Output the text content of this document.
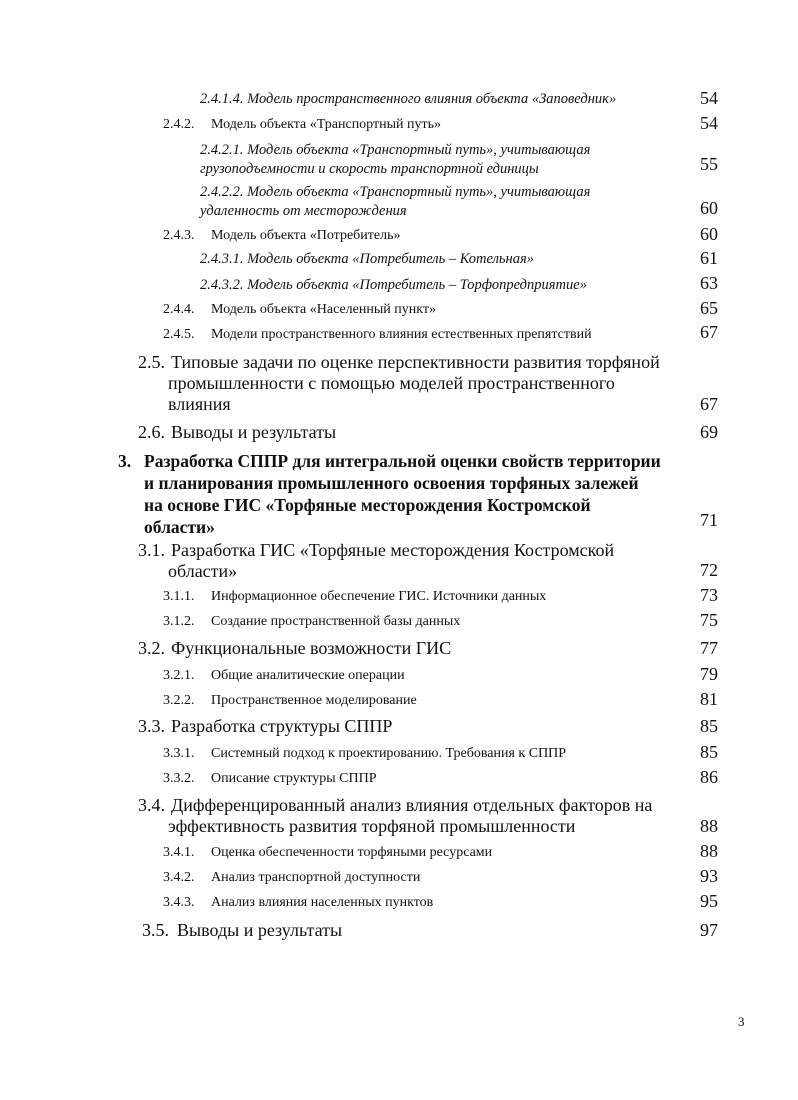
2.4.1.4. Модель пространственного влияния объекта «Заповедник»	54
2.4.2. Модель объекта «Транспортный путь»	54
2.4.2.1. Модель объекта «Транспортный путь», учитывающая
грузоподъемности и скорость транспортной единицы	55
2.4.2.2. Модель объекта «Транспортный путь», учитывающая
удаленность от месторождения	60
2.4.3. Модель объекта «Потребитель»	60
2.4.3.1. Модель объекта «Потребитель – Котельная»	61
2.4.3.2. Модель объекта «Потребитель – Торфопредприятие»	63
2.4.4. Модель объекта «Населенный пункт»	65
2.4.5. Модели пространственного влияния естественных препятствий	67
2.5. Типовые задачи по оценке перспективности развития торфяной
промышленности с помощью моделей пространственного
влияния	67
2.6. Выводы и результаты	69
3. Разработка СППР для интегральной оценки свойств территории
и планирования промышленного освоения торфяных залежей
на основе ГИС «Торфяные месторождения Костромской
области»	71
3.1. Разработка ГИС «Торфяные месторождения Костромской
области»	72
3.1.1. Информационное обеспечение ГИС. Источники данных	73
3.1.2. Создание пространственной базы данных	75
3.2. Функциональные возможности ГИС	77
3.2.1. Общие аналитические операции	79
3.2.2. Пространственное моделирование	81
3.3. Разработка структуры СППР	85
3.3.1. Системный подход к проектированию. Требования к СППР	85
3.3.2. Описание структуры СППР	86
3.4. Дифференцированный анализ влияния отдельных факторов на
эффективность развития торфяной промышленности	88
3.4.1. Оценка обеспеченности торфяными ресурсами	88
3.4.2. Анализ транспортной доступности	93
3.4.3. Анализ влияния населенных пунктов	95
3.5. Выводы и результаты	97
3
